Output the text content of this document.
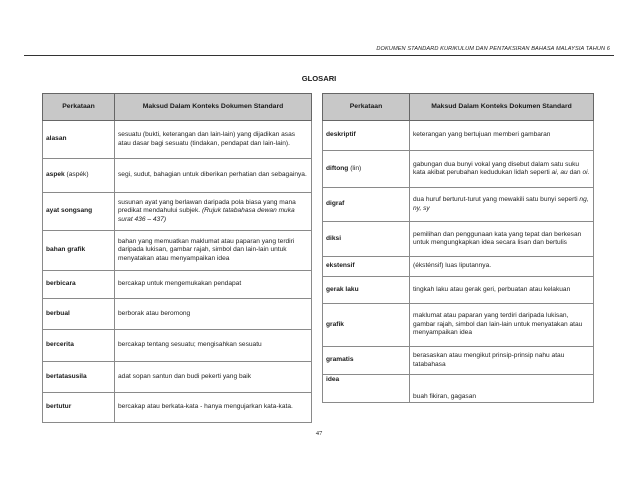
DOKUMEN STANDARD KURIKULUM DAN PENTAKSIRAN BAHASA MALAYSIA TAHUN 6
GLOSARI
Perkataan	Maksud Dalam Konteks Dokumen Standard
alasan	sesuatu (bukti, keterangan dan lain-lain) yang dijadikan asas atau dasar bagi sesuatu (tindakan, pendapat dan lain-lain).
aspek (aspék)	segi, sudut, bahagian untuk diberikan perhatian dan sebagainya.
ayat songsang	susunan ayat yang berlawan daripada pola biasa yang mana predikat mendahului subjek. (Rujuk tatabahasa dewan muka surat 436 – 437)
bahan grafik	bahan yang memuatkan maklumat atau paparan yang terdiri daripada lukisan, gambar rajah, simbol dan lain-lain untuk menyatakan atau menyampaikan idea
berbicara	bercakap untuk mengemukakan pendapat
berbual	berborak atau beromong
bercerita	bercakap tentang sesuatu; mengisahkan sesuatu
bertatasusila	adat sopan santun dan budi pekerti yang baik
bertutur	bercakap atau berkata-kata - hanya mengujarkan kata-kata.
Perkataan	Maksud Dalam Konteks Dokumen Standard
deskriptif	keterangan yang bertujuan memberi gambaran
diftong (lin)	gabungan dua bunyi vokal yang disebut dalam satu suku kata akibat perubahan kedudukan lidah seperti ai, au dan oi.
digraf	dua huruf berturut-turut yang mewakili satu bunyi seperti ng, ny, sy
diksi	pemilihan dan penggunaan kata yang tepat dan berkesan untuk mengungkapkan idea secara lisan dan bertulis
ekstensif	(éksténsif) luas liputannya.
gerak laku	tingkah laku atau gerak geri, perbuatan atau kelakuan
grafik	maklumat atau paparan yang terdiri daripada lukisan, gambar rajah, simbol dan lain-lain untuk menyatakan atau menyampaikan idea
gramatis	berasaskan atau mengikut prinsip-prinsip nahu atau tatabahasa
idea	buah fikiran, gagasan
47
